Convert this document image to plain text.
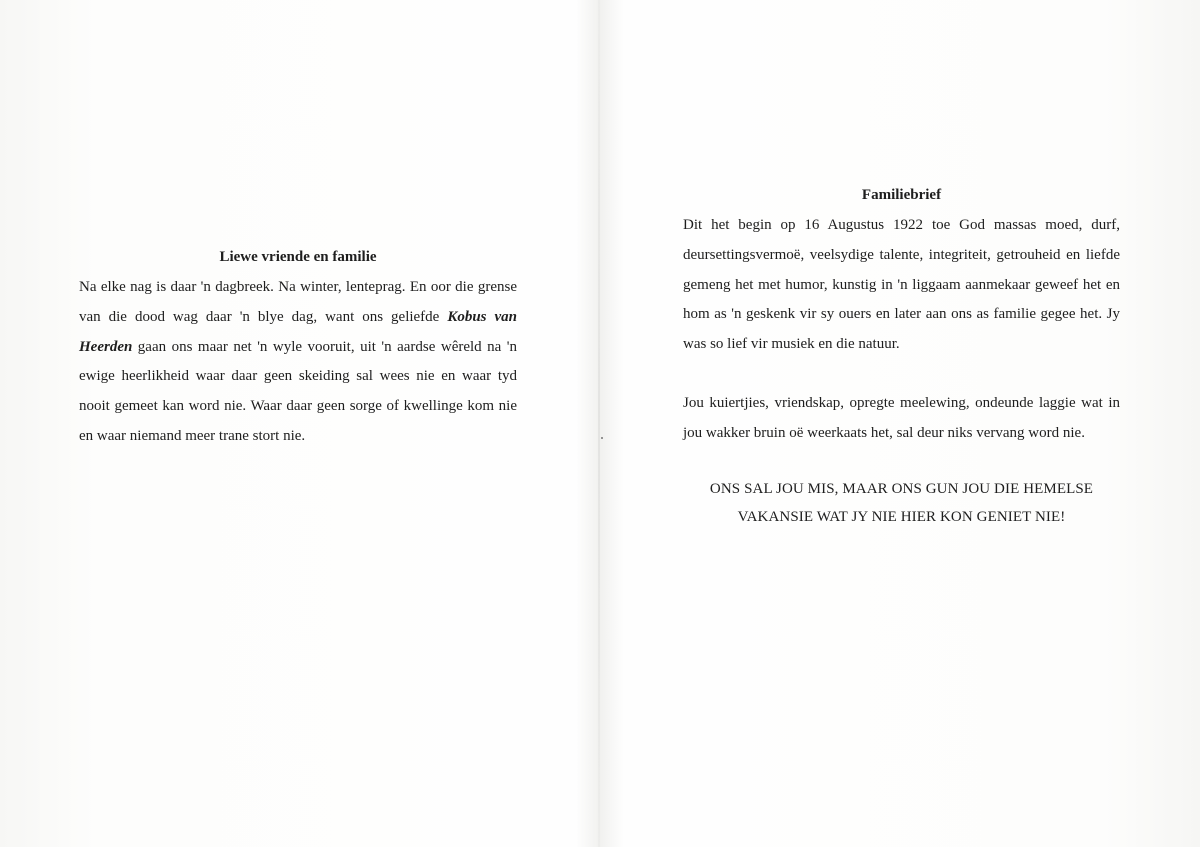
Liewe vriende en familie

Na elke nag is daar 'n dagbreek. Na winter, lenteprag. En oor die grense van die dood wag daar 'n blye dag, want ons geliefde Kobus van Heerden gaan ons maar net 'n wyle vooruit, uit 'n aardse wêreld na 'n ewige heerlikheid waar daar geen skeiding sal wees nie en waar tyd nooit gemeet kan word nie. Waar daar geen sorge of kwellinge kom nie en waar niemand meer trane stort nie.

Familiebrief

Dit het begin op 16 Augustus 1922 toe God massas moed, durf, deursettingsvermoë, veelsydige talente, integriteit, getrouheid en liefde gemeng het met humor, kunstig in 'n liggaam aanmekaar geweef het en hom as 'n geskenk vir sy ouers en later aan ons as familie gegee het. Jy was so lief vir musiek en die natuur.

Jou kuiertjies, vriendskap, opregte meelewing, ondeunde laggie wat in jou wakker bruin oë weerkaats het, sal deur niks vervang word nie.

ONS SAL JOU MIS, MAAR ONS GUN JOU DIE HEMELSE
VAKANSIE WAT JY NIE HIER KON GENIET NIE!
